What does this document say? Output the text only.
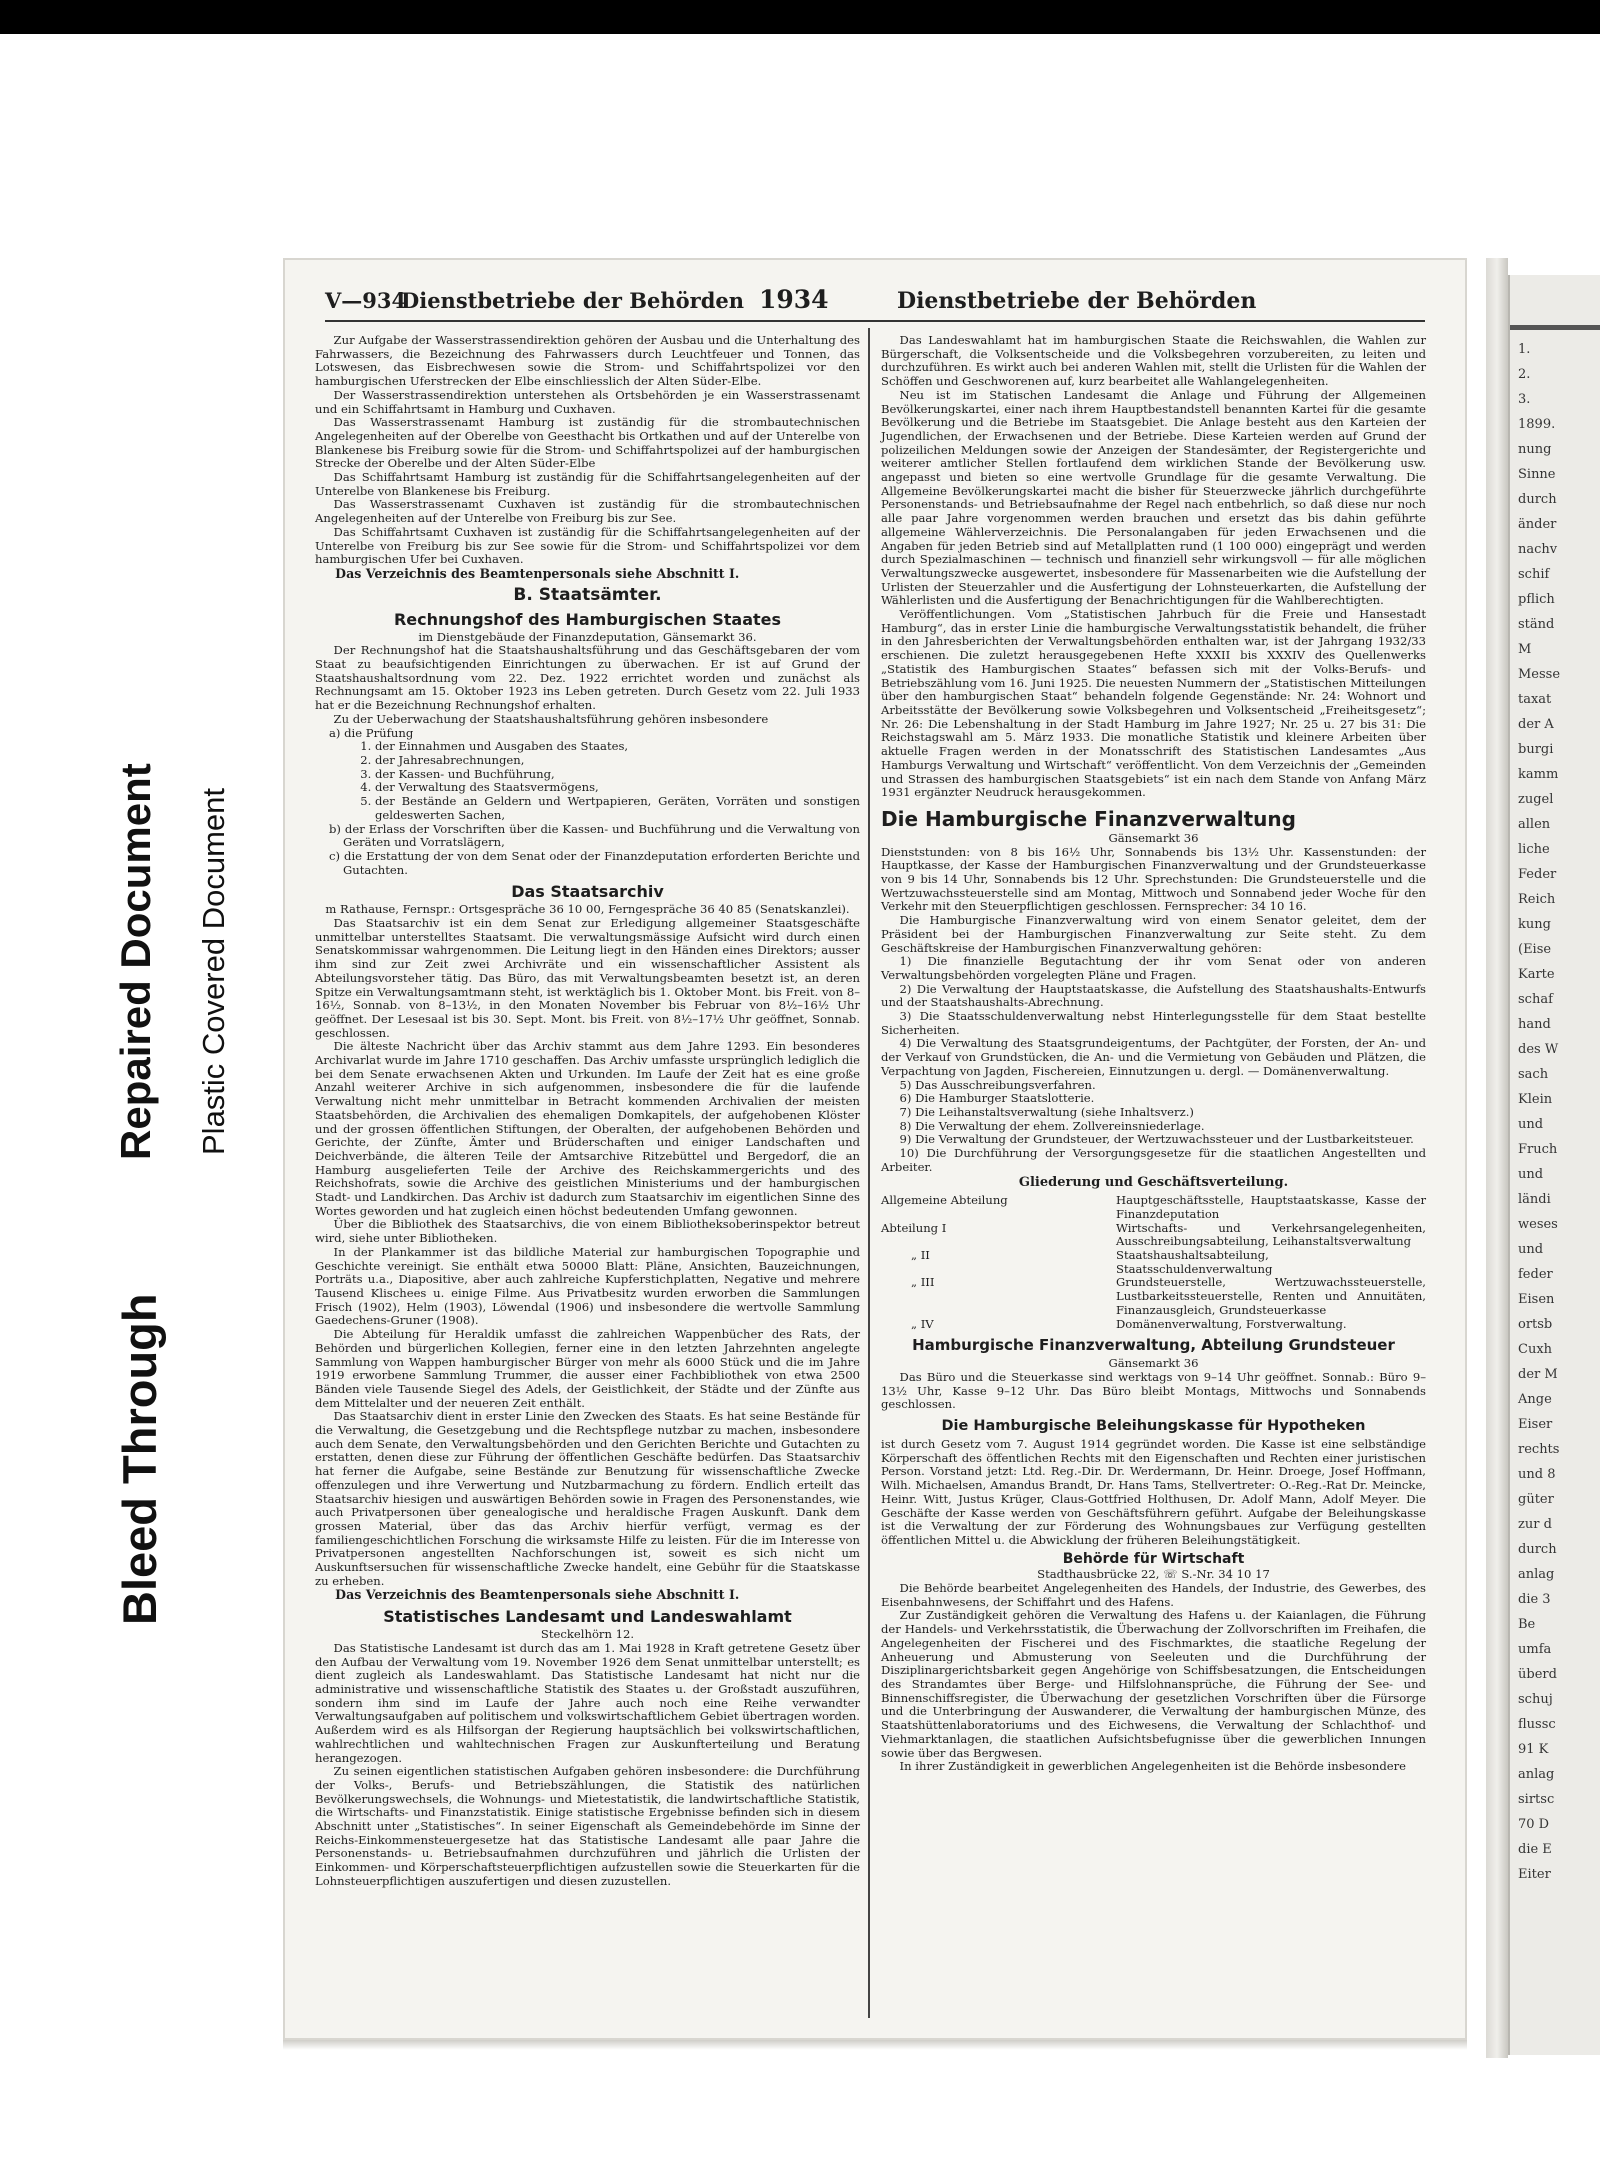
Bleed Through
Repaired Document Plastic Covered Document
1.
2.
3.
1899.
nung
Sinne
durch
änder
nachv
schif
pflich
ständ
M
Messe
taxat
der A
burgi
kamm
zugel
allen
liche
Feder
Reich
kung
(Eise
Karte
schaf
hand
des W
sach
Klein
und
Fruch
und
ländi
weses
und
feder
Eisen
ortsb
Cuxh
der M
Ange
Eiser
rechts
und 8
güter
zur d
durch
anlag
die 3
Be
umfa
überd
schuj
flussc
91 K
anlag
sirtsc
70 D
die E
Eiter
V—934
Dienstbetriebe der Behörden 1934	Dienstbetriebe der Behörden

Zur Aufgabe der Wasserstrassendirektion gehören der Ausbau und die Unterhaltung des Fahrwassers, die Bezeichnung des Fahrwassers durch Leuchtfeuer und Tonnen, das Lotswesen, das Eisbrechwesen sowie die Strom- und Schiffahrtspolizei vor den hamburgischen Uferstrecken der Elbe einschliesslich der Alten Süder-Elbe.

Der Wasserstrassendirektion unterstehen als Ortsbehörden je ein Wasserstrassenamt und ein Schiffahrtsamt in Hamburg und Cuxhaven.

Das Wasserstrassenamt Hamburg ist zuständig für die strombautechnischen Angelegenheiten auf der Oberelbe von Geesthacht bis Ortkathen und auf der Unterelbe von Blankenese bis Freiburg sowie für die Strom- und Schiffahrtspolizei auf der hamburgischen Strecke der Oberelbe und der Alten Süder-Elbe

Das Schiffahrtsamt Hamburg ist zuständig für die Schiffahrtsangelegenheiten auf der Unterelbe von Blankenese bis Freiburg.

Das Wasserstrassenamt Cuxhaven ist zuständig für die strombautechnischen Angelegenheiten auf der Unterelbe von Freiburg bis zur See.

Das Schiffahrtsamt Cuxhaven ist zuständig für die Schiffahrtsangelegenheiten auf der Unterelbe von Freiburg bis zur See sowie für die Strom- und Schiffahrtspolizei vor dem hamburgischen Ufer bei Cuxhaven.

Das Verzeichnis des Beamtenpersonals siehe Abschnitt I.

B. Staatsämter.
Rechnungshof des Hamburgischen Staates
im Dienstgebäude der Finanzdeputation, Gänsemarkt 36.

Der Rechnungshof hat die Staatshaushaltsführung und das Geschäftsgebaren der vom Staat zu beaufsichtigenden Einrichtungen zu überwachen. Er ist auf Grund der Staatshaushaltsordnung vom 22. Dez. 1922 errichtet worden und zunächst als Rechnungsamt am 15. Oktober 1923 ins Leben getreten. Durch Gesetz vom 22. Juli 1933 hat er die Bezeichnung Rechnungshof erhalten.

Zu der Ueberwachung der Staatshaushaltsführung gehören insbesondere

a) die Prüfung
1. der Einnahmen und Ausgaben des Staates,
2. der Jahresabrechnungen,
3. der Kassen- und Buchführung,
4. der Verwaltung des Staatsvermögens,
5. der Bestände an Geldern und Wertpapieren, Geräten, Vorräten und sonstigen geldeswerten Sachen,
b) der Erlass der Vorschriften über die Kassen- und Buchführung und die Verwaltung von Geräten und Vorratslägern,
c) die Erstattung der von dem Senat oder der Finanzdeputation erforderten Berichte und Gutachten.
Das Staatsarchiv
m Rathause, Fernspr.: Ortsgespräche 36 10 00, Ferngespräche 36 40 85 (Senatskanzlei).

Das Staatsarchiv ist ein dem Senat zur Erledigung allgemeiner Staatsgeschäfte unmittelbar unterstelltes Staatsamt. Die verwaltungsmässige Aufsicht wird durch einen Senatskommissar wahrgenommen. Die Leitung liegt in den Händen eines Direktors; ausser ihm sind zur Zeit zwei Archivräte und ein wissenschaftlicher Assistent als Abteilungsvorsteher tätig. Das Büro, das mit Verwaltungsbeamten besetzt ist, an deren Spitze ein Verwaltungsamtmann steht, ist werktäglich bis 1. Oktober Mont. bis Freit. von 8–16½, Sonnab. von 8–13½, in den Monaten November bis Februar von 8½–16½ Uhr geöffnet. Der Lesesaal ist bis 30. Sept. Mont. bis Freit. von 8½–17½ Uhr geöffnet, Sonnab. geschlossen.

Die älteste Nachricht über das Archiv stammt aus dem Jahre 1293. Ein besonderes Archivarlat wurde im Jahre 1710 geschaffen. Das Archiv umfasste ursprünglich lediglich die bei dem Senate erwachsenen Akten und Urkunden. Im Laufe der Zeit hat es eine große Anzahl weiterer Archive in sich aufgenommen, insbesondere die für die laufende Verwaltung nicht mehr unmittelbar in Betracht kommenden Archivalien der meisten Staatsbehörden, die Archivalien des ehemaligen Domkapitels, der aufgehobenen Klöster und der grossen öffentlichen Stiftungen, der Oberalten, der aufgehobenen Behörden und Gerichte, der Zünfte, Ämter und Brüderschaften und einiger Landschaften und Deichverbände, die älteren Teile der Amtsarchive Ritzebüttel und Bergedorf, die an Hamburg ausgelieferten Teile der Archive des Reichskammergerichts und des Reichshofrats, sowie die Archive des geistlichen Ministeriums und der hamburgischen Stadt- und Landkirchen. Das Archiv ist dadurch zum Staatsarchiv im eigentlichen Sinne des Wortes geworden und hat zugleich einen höchst bedeutenden Umfang gewonnen.

Über die Bibliothek des Staatsarchivs, die von einem Bibliotheksoberinspektor betreut wird, siehe unter Bibliotheken.

In der Plankammer ist das bildliche Material zur hamburgischen Topographie und Geschichte vereinigt. Sie enthält etwa 50000 Blatt: Pläne, Ansichten, Bauzeichnungen, Porträts u.a., Diapositive, aber auch zahlreiche Kupferstichplatten, Negative und mehrere Tausend Klischees u. einige Filme. Aus Privatbesitz wurden erworben die Sammlungen Frisch (1902), Helm (1903), Löwendal (1906) und insbesondere die wertvolle Sammlung Gaedechens-Gruner (1908).

Die Abteilung für Heraldik umfasst die zahlreichen Wappenbücher des Rats, der Behörden und bürgerlichen Kollegien, ferner eine in den letzten Jahrzehnten angelegte Sammlung von Wappen hamburgischer Bürger von mehr als 6000 Stück und die im Jahre 1919 erworbene Sammlung Trummer, die ausser einer Fachbibliothek von etwa 2500 Bänden viele Tausende Siegel des Adels, der Geistlichkeit, der Städte und der Zünfte aus dem Mittelalter und der neueren Zeit enthält.

Das Staatsarchiv dient in erster Linie den Zwecken des Staats. Es hat seine Bestände für die Verwaltung, die Gesetzgebung und die Rechtspflege nutzbar zu machen, insbesondere auch dem Senate, den Verwaltungsbehörden und den Gerichten Berichte und Gutachten zu erstatten, denen diese zur Führung der öffentlichen Geschäfte bedürfen. Das Staatsarchiv hat ferner die Aufgabe, seine Bestände zur Benutzung für wissenschaftliche Zwecke offenzulegen und ihre Verwertung und Nutzbarmachung zu fördern. Endlich erteilt das Staatsarchiv hiesigen und auswärtigen Behörden sowie in Fragen des Personenstandes, wie auch Privatpersonen über genealogische und heraldische Fragen Auskunft. Dank dem grossen Material, über das das Archiv hierfür verfügt, vermag es der familiengeschichtlichen Forschung die wirksamste Hilfe zu leisten. Für die im Interesse von Privatpersonen angestellten Nachforschungen ist, soweit es sich nicht um Auskunftsersuchen für wissenschaftliche Zwecke handelt, eine Gebühr für die Staatskasse zu erheben.

Das Verzeichnis des Beamtenpersonals siehe Abschnitt I.

Statistisches Landesamt und Landeswahlamt
Steckelhörn 12.

Das Statistische Landesamt ist durch das am 1. Mai 1928 in Kraft getretene Gesetz über den Aufbau der Verwaltung vom 19. November 1926 dem Senat unmittelbar unterstellt; es dient zugleich als Landeswahlamt. Das Statistische Landesamt hat nicht nur die administrative und wissenschaftliche Statistik des Staates u. der Großstadt auszuführen, sondern ihm sind im Laufe der Jahre auch noch eine Reihe verwandter Verwaltungsaufgaben auf politischem und volkswirtschaftlichem Gebiet übertragen worden. Außerdem wird es als Hilfsorgan der Regierung hauptsächlich bei volkswirtschaftlichen, wahlrechtlichen und wahltechnischen Fragen zur Auskunfterteilung und Beratung herangezogen.

Zu seinen eigentlichen statistischen Aufgaben gehören insbesondere: die Durchführung der Volks-, Berufs- und Betriebszählungen, die Statistik des natürlichen Bevölkerungswechsels, die Wohnungs- und Mietestatistik, die landwirtschaftliche Statistik, die Wirtschafts- und Finanzstatistik. Einige statistische Ergebnisse befinden sich in diesem Abschnitt unter „Statistisches“. In seiner Eigenschaft als Gemeindebehörde im Sinne der Reichs-Einkommensteuergesetze hat das Statistische Landesamt alle paar Jahre die Personenstands- u. Betriebsaufnahmen durchzuführen und jährlich die Urlisten der Einkommen- und Körperschaftsteuerpflichtigen aufzustellen sowie die Steuerkarten für die Lohnsteuerpflichtigen auszufertigen und diesen zuzustellen.

Das Landeswahlamt hat im hamburgischen Staate die Reichswahlen, die Wahlen zur Bürgerschaft, die Volksentscheide und die Volksbegehren vorzubereiten, zu leiten und durchzuführen. Es wirkt auch bei anderen Wahlen mit, stellt die Urlisten für die Wahlen der Schöffen und Geschworenen auf, kurz bearbeitet alle Wahlangelegenheiten.

Neu ist im Statischen Landesamt die Anlage und Führung der Allgemeinen Bevölkerungskartei, einer nach ihrem Hauptbestandstell benannten Kartei für die gesamte Bevölkerung und die Betriebe im Staatsgebiet. Die Anlage besteht aus den Karteien der Jugendlichen, der Erwachsenen und der Betriebe. Diese Karteien werden auf Grund der polizeilichen Meldungen sowie der Anzeigen der Standesämter, der Registergerichte und weiterer amtlicher Stellen fortlaufend dem wirklichen Stande der Bevölkerung usw. angepasst und bieten so eine wertvolle Grundlage für die gesamte Verwaltung. Die Allgemeine Bevölkerungskartei macht die bisher für Steuerzwecke jährlich durchgeführte Personenstands- und Betriebsaufnahme der Regel nach entbehrlich, so daß diese nur noch alle paar Jahre vorgenommen werden brauchen und ersetzt das bis dahin geführte allgemeine Wählerverzeichnis. Die Personalangaben für jeden Erwachsenen und die Angaben für jeden Betrieb sind auf Metallplatten rund (1 100 000) eingeprägt und werden durch Spezialmaschinen — technisch und finanziell sehr wirkungsvoll — für alle möglichen Verwaltungszwecke ausgewertet, insbesondere für Massenarbeiten wie die Aufstellung der Urlisten der Steuerzahler und die Ausfertigung der Lohnsteuerkarten, die Aufstellung der Wählerlisten und die Ausfertigung der Benachrichtigungen für die Wahlberechtigten.

Veröffentlichungen. Vom „Statistischen Jahrbuch für die Freie und Hansestadt Hamburg“, das in erster Linie die hamburgische Verwaltungsstatistik behandelt, die früher in den Jahresberichten der Verwaltungsbehörden enthalten war, ist der Jahrgang 1932/33 erschienen. Die zuletzt herausgegebenen Hefte XXXII bis XXXIV des Quellenwerks „Statistik des Hamburgischen Staates“ befassen sich mit der Volks-Berufs- und Betriebszählung vom 16. Juni 1925. Die neuesten Nummern der „Statistischen Mitteilungen über den hamburgischen Staat“ behandeln folgende Gegenstände: Nr. 24: Wohnort und Arbeitsstätte der Bevölkerung sowie Volksbegehren und Volksentscheid „Freiheitsgesetz“; Nr. 26: Die Lebenshaltung in der Stadt Hamburg im Jahre 1927; Nr. 25 u. 27 bis 31: Die Reichstagswahl am 5. März 1933. Die monatliche Statistik und kleinere Arbeiten über aktuelle Fragen werden in der Monatsschrift des Statistischen Landesamtes „Aus Hamburgs Verwaltung und Wirtschaft“ veröffentlicht. Von dem Verzeichnis der „Gemeinden und Strassen des hamburgischen Staatsgebiets“ ist ein nach dem Stande von Anfang März 1931 ergänzter Neudruck herausgekommen.

Die Hamburgische Finanzverwaltung
Gänsemarkt 36

Dienststunden: von 8 bis 16½ Uhr, Sonnabends bis 13½ Uhr. Kassenstunden: der Hauptkasse, der Kasse der Hamburgischen Finanzverwaltung und der Grundsteuerkasse von 9 bis 14 Uhr, Sonnabends bis 12 Uhr. Sprechstunden: Die Grundsteuerstelle und die Wertzuwachssteuerstelle sind am Montag, Mittwoch und Sonnabend jeder Woche für den Verkehr mit den Steuerpflichtigen geschlossen. Fernsprecher: 34 10 16.

Die Hamburgische Finanzverwaltung wird von einem Senator geleitet, dem der Präsident bei der Hamburgischen Finanzverwaltung zur Seite steht. Zu dem Geschäftskreise der Hamburgischen Finanzverwaltung gehören:

1) Die finanzielle Begutachtung der ihr vom Senat oder von anderen Verwaltungsbehörden vorgelegten Pläne und Fragen.

2) Die Verwaltung der Hauptstaatskasse, die Aufstellung des Staatshaushalts-Entwurfs und der Staatshaushalts-Abrechnung.

3) Die Staatsschuldenverwaltung nebst Hinterlegungsstelle für dem Staat bestellte Sicherheiten.

4) Die Verwaltung des Staatsgrundeigentums, der Pachtgüter, der Forsten, der An- und der Verkauf von Grundstücken, die An- und die Vermietung von Gebäuden und Plätzen, die Verpachtung von Jagden, Fischereien, Einnutzungen u. dergl. — Domänenverwaltung.

5) Das Ausschreibungsverfahren.

6) Die Hamburger Staatslotterie.

7) Die Leihanstaltsverwaltung (siehe Inhaltsverz.)

8) Die Verwaltung der ehem. Zollvereinsniederlage.

9) Die Verwaltung der Grundsteuer, der Wertzuwachssteuer und der Lustbarkeitsteuer.

10) Die Durchführung der Versorgungsgesetze für die staatlichen Angestellten und Arbeiter.

Gliederung und Geschäftsverteilung.
Allgemeine Abteilung	Hauptgeschäftsstelle, Hauptstaatskasse, Kasse der Finanzdeputation
Abteilung I	Wirtschafts- und Verkehrsangelegenheiten, Ausschreibungsabteilung, Leihanstaltsverwaltung
„ II	Staatshaushaltsabteilung, Staatsschuldenverwaltung
„ III	Grundsteuerstelle, Wertzuwachssteuerstelle, Lustbarkeitssteuerstelle, Renten und Annuitäten, Finanzausgleich, Grundsteuerkasse
„ IV	Domänenverwaltung, Forstverwaltung.
Hamburgische Finanzverwaltung, Abteilung Grundsteuer
Gänsemarkt 36

Das Büro und die Steuerkasse sind werktags von 9–14 Uhr geöffnet. Sonnab.: Büro 9–13½ Uhr, Kasse 9–12 Uhr. Das Büro bleibt Montags, Mittwochs und Sonnabends geschlossen.

Die Hamburgische Beleihungskasse für Hypotheken

ist durch Gesetz vom 7. August 1914 gegründet worden. Die Kasse ist eine selbständige Körperschaft des öffentlichen Rechts mit den Eigenschaften und Rechten einer juristischen Person. Vorstand jetzt: Ltd. Reg.-Dir. Dr. Werdermann, Dr. Heinr. Droege, Josef Hoffmann, Wilh. Michaelsen, Amandus Brandt, Dr. Hans Tams, Stellvertreter: O.-Reg.-Rat Dr. Meincke, Heinr. Witt, Justus Krüger, Claus-Gottfried Holthusen, Dr. Adolf Mann, Adolf Meyer. Die Geschäfte der Kasse werden von Geschäftsführern geführt. Aufgabe der Beleihungskasse ist die Verwaltung der zur Förderung des Wohnungsbaues zur Verfügung gestellten öffentlichen Mittel u. die Abwicklung der früheren Beleihungstätigkeit.

Behörde für Wirtschaft
Stadthausbrücke 22, ☏ S.-Nr. 34 10 17

Die Behörde bearbeitet Angelegenheiten des Handels, der Industrie, des Gewerbes, des Eisenbahnwesens, der Schiffahrt und des Hafens.

Zur Zuständigkeit gehören die Verwaltung des Hafens u. der Kaianlagen, die Führung der Handels- und Verkehrsstatistik, die Überwachung der Zollvorschriften im Freihafen, die Angelegenheiten der Fischerei und des Fischmarktes, die staatliche Regelung der Anheuerung und Abmusterung von Seeleuten und die Durchführung der Disziplinargerichtsbarkeit gegen Angehörige von Schiffsbesatzungen, die Entscheidungen des Strandamtes über Berge- und Hilfslohnansprüche, die Führung der See- und Binnenschiffsregister, die Überwachung der gesetzlichen Vorschriften über die Fürsorge und die Unterbringung der Auswanderer, die Verwaltung der hamburgischen Münze, des Staatshüttenlaboratoriums und des Eichwesens, die Verwaltung der Schlachthof- und Viehmarktanlagen, die staatlichen Aufsichtsbefugnisse über die gewerblichen Innungen sowie über das Bergwesen.

In ihrer Zuständigkeit in gewerblichen Angelegenheiten ist die Behörde insbesondere
